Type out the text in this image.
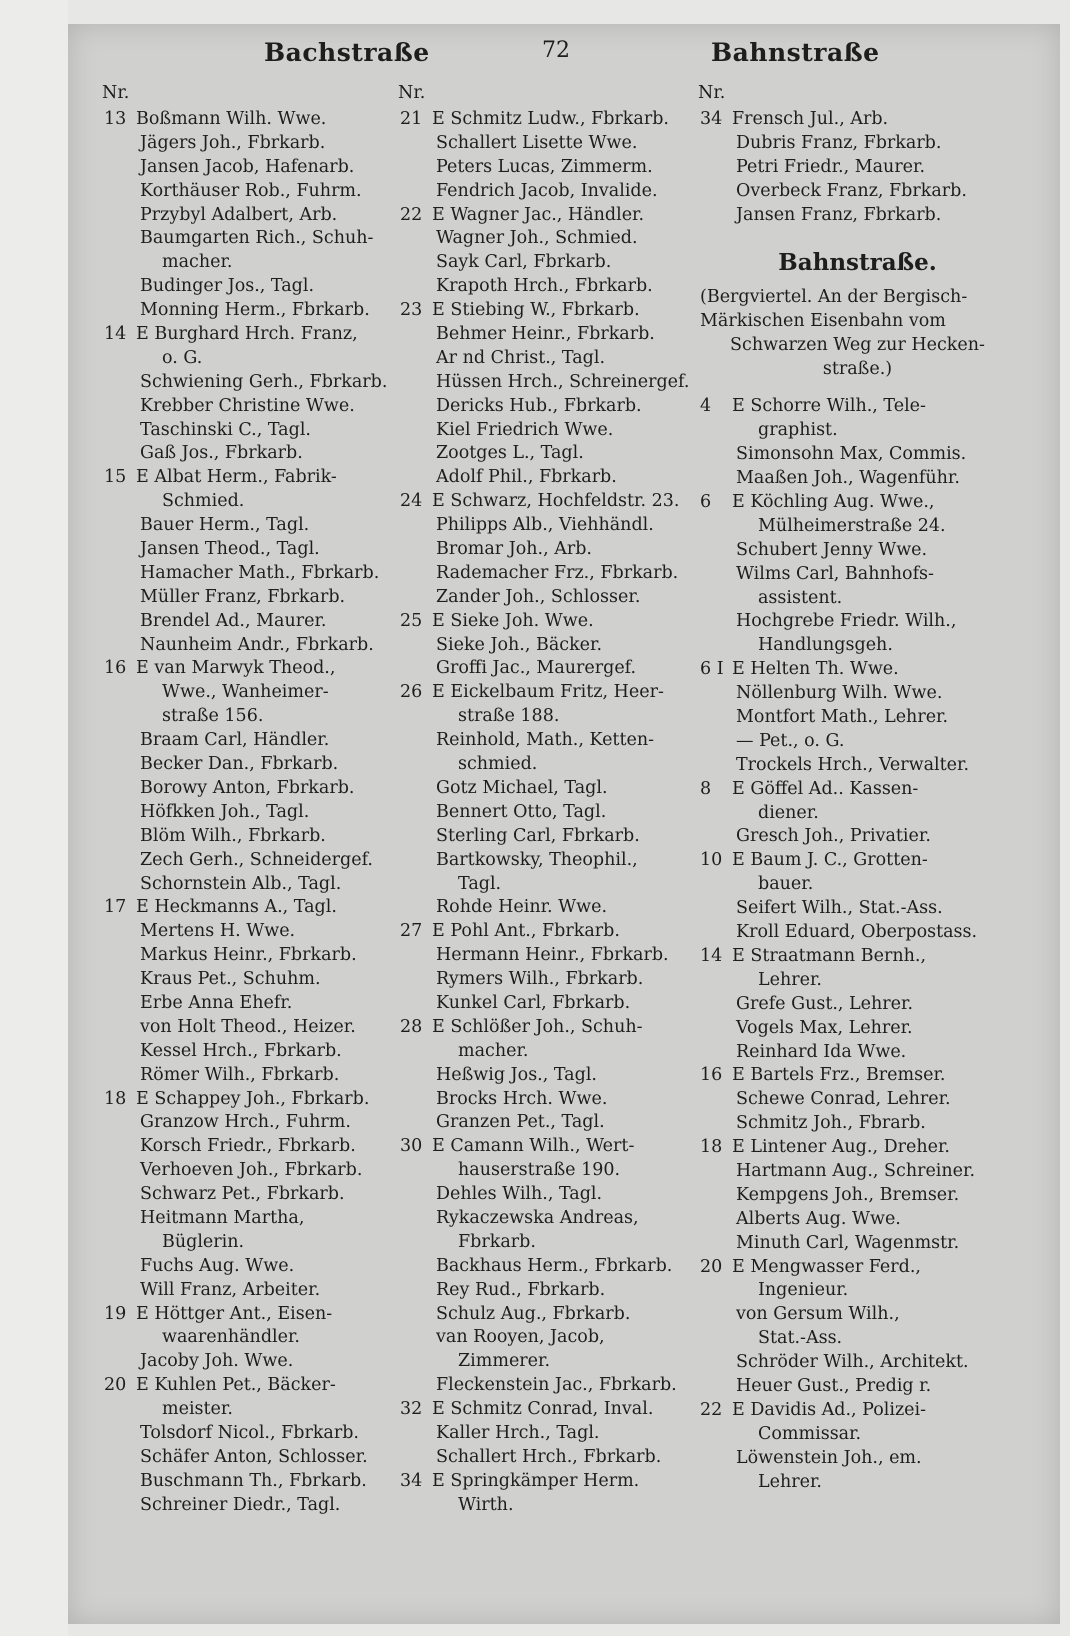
Bachstraße	72	Bahnstraße
Nr.
13 Boßmann Wilh. Wwe.
Jägers Joh., Fbrkarb.
Jansen Jacob, Hafenarb.
Korthäuser Rob., Fuhrm.
Przybyl Adalbert, Arb.
Baumgarten Rich., Schuh-
macher.
Budinger Jos., Tagl.
Monning Herm., Fbrkarb.
14 E Burghard Hrch. Franz,
o. G.
Schwiening Gerh., Fbrkarb.
Krebber Christine Wwe.
Taschinski C., Tagl.
Gaß Jos., Fbrkarb.
15 E Albat Herm., Fabrik-
Schmied.
Bauer Herm., Tagl.
Jansen Theod., Tagl.
Hamacher Math., Fbrkarb.
Müller Franz, Fbrkarb.
Brendel Ad., Maurer.
Naunheim Andr., Fbrkarb.
16 E van Marwyk Theod.,
Wwe., Wanheimer-
straße 156.
Braam Carl, Händler.
Becker Dan., Fbrkarb.
Borowy Anton, Fbrkarb.
Höfkken Joh., Tagl.
Blöm Wilh., Fbrkarb.
Zech Gerh., Schneidergef.
Schornstein Alb., Tagl.
17 E Heckmanns A., Tagl.
Mertens H. Wwe.
Markus Heinr., Fbrkarb.
Kraus Pet., Schuhm.
Erbe Anna Ehefr.
von Holt Theod., Heizer.
Kessel Hrch., Fbrkarb.
Römer Wilh., Fbrkarb.
18 E Schappey Joh., Fbrkarb.
Granzow Hrch., Fuhrm.
Korsch Friedr., Fbrkarb.
Verhoeven Joh., Fbrkarb.
Schwarz Pet., Fbrkarb.
Heitmann Martha,
Büglerin.
Fuchs Aug. Wwe.
Will Franz, Arbeiter.
19 E Höttger Ant., Eisen-
waarenhändler.
Jacoby Joh. Wwe.
20 E Kuhlen Pet., Bäcker-
meister.
Tolsdorf Nicol., Fbrkarb.
Schäfer Anton, Schlosser.
Buschmann Th., Fbrkarb.
Schreiner Diedr., Tagl.
Nr.
21 E Schmitz Ludw., Fbrkarb.
Schallert Lisette Wwe.
Peters Lucas, Zimmerm.
Fendrich Jacob, Invalide.
22 E Wagner Jac., Händler.
Wagner Joh., Schmied.
Sayk Carl, Fbrkarb.
Krapoth Hrch., Fbrkarb.
23 E Stiebing W., Fbrkarb.
Behmer Heinr., Fbrkarb.
Ar nd Christ., Tagl.
Hüssen Hrch., Schreinergef.
Dericks Hub., Fbrkarb.
Kiel Friedrich Wwe.
Zootges L., Tagl.
Adolf Phil., Fbrkarb.
24 E Schwarz, Hochfeldstr. 23.
Philipps Alb., Viehhändl.
Bromar Joh., Arb.
Rademacher Frz., Fbrkarb.
Zander Joh., Schlosser.
25 E Sieke Joh. Wwe.
Sieke Joh., Bäcker.
Groffi Jac., Maurergef.
26 E Eickelbaum Fritz, Heer-
straße 188.
Reinhold, Math., Ketten-
schmied.
Gotz Michael, Tagl.
Bennert Otto, Tagl.
Sterling Carl, Fbrkarb.
Bartkowsky, Theophil.,
Tagl.
Rohde Heinr. Wwe.
27 E Pohl Ant., Fbrkarb.
Hermann Heinr., Fbrkarb.
Rymers Wilh., Fbrkarb.
Kunkel Carl, Fbrkarb.
28 E Schlößer Joh., Schuh-
macher.
Heßwig Jos., Tagl.
Brocks Hrch. Wwe.
Granzen Pet., Tagl.
30 E Camann Wilh., Wert-
hauserstraße 190.
Dehles Wilh., Tagl.
Rykaczewska Andreas,
Fbrkarb.
Backhaus Herm., Fbrkarb.
Rey Rud., Fbrkarb.
Schulz Aug., Fbrkarb.
van Rooyen, Jacob,
Zimmerer.
Fleckenstein Jac., Fbrkarb.
32 E Schmitz Conrad, Inval.
Kaller Hrch., Tagl.
Schallert Hrch., Fbrkarb.
34 E Springkämper Herm.
Wirth.
Nr.
34 Frensch Jul., Arb.
Dubris Franz, Fbrkarb.
Petri Friedr., Maurer.
Overbeck Franz, Fbrkarb.
Jansen Franz, Fbrkarb.
Bahnstraße.
(Bergviertel. An der Bergisch-
Märkischen Eisenbahn vom
Schwarzen Weg zur Hecken-
straße.)
4	E Schorre Wilh., Tele-
graphist.
Simonsohn Max, Commis.
Maaßen Joh., Wagenführ.
6	E Köchling Aug. Wwe.,
Mülheimerstraße 24.
Schubert Jenny Wwe.
Wilms Carl, Bahnhofs-
assistent.
Hochgrebe Friedr. Wilh.,
Handlungsgeh.
6 I E Helten Th. Wwe.
Nöllenburg Wilh. Wwe.
Montfort Math., Lehrer.
— Pet., o. G.
Trockels Hrch., Verwalter.
8	E Göffel Ad.. Kassen-
diener.
Gresch Joh., Privatier.
10 E Baum J. C., Grotten-
bauer.
Seifert Wilh., Stat.-Ass.
Kroll Eduard, Oberpostass.
14 E Straatmann Bernh.,
Lehrer.
Grefe Gust., Lehrer.
Vogels Max, Lehrer.
Reinhard Ida Wwe.
16 E Bartels Frz., Bremser.
Schewe Conrad, Lehrer.
Schmitz Joh., Fbrarb.
18 E Lintener Aug., Dreher.
Hartmann Aug., Schreiner.
Kempgens Joh., Bremser.
Alberts Aug. Wwe.
Minuth Carl, Wagenmstr.
20 E Mengwasser Ferd.,
Ingenieur.
von Gersum Wilh.,
Stat.-Ass.
Schröder Wilh., Architekt.
Heuer Gust., Predig r.
22 E Davidis Ad., Polizei-
Commissar.
Löwenstein Joh., em.
Lehrer.
